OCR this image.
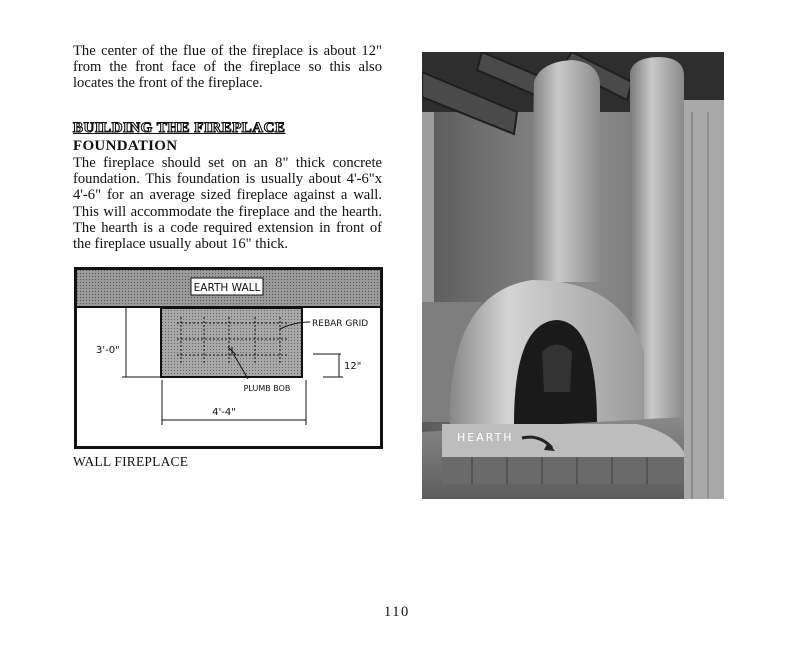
The center of the flue of the fireplace is about 12" from the front face of the fireplace so this also locates the front of the fireplace.
BUILDING THE FIREPLACE
FOUNDATION
The fireplace should set on an 8" thick concrete foundation. This foundation is usually about 4'-6"x 4'-6" for an average sized fireplace against a wall. This will accommodate the fireplace and the hearth. The hearth is a code required extension in front of the fireplace usually about 16" thick.
EARTH WALL
PLUMB BOB
REBAR GRID
3'-0"
12"
4'-4"
WALL FIREPLACE
HEARTH
110
